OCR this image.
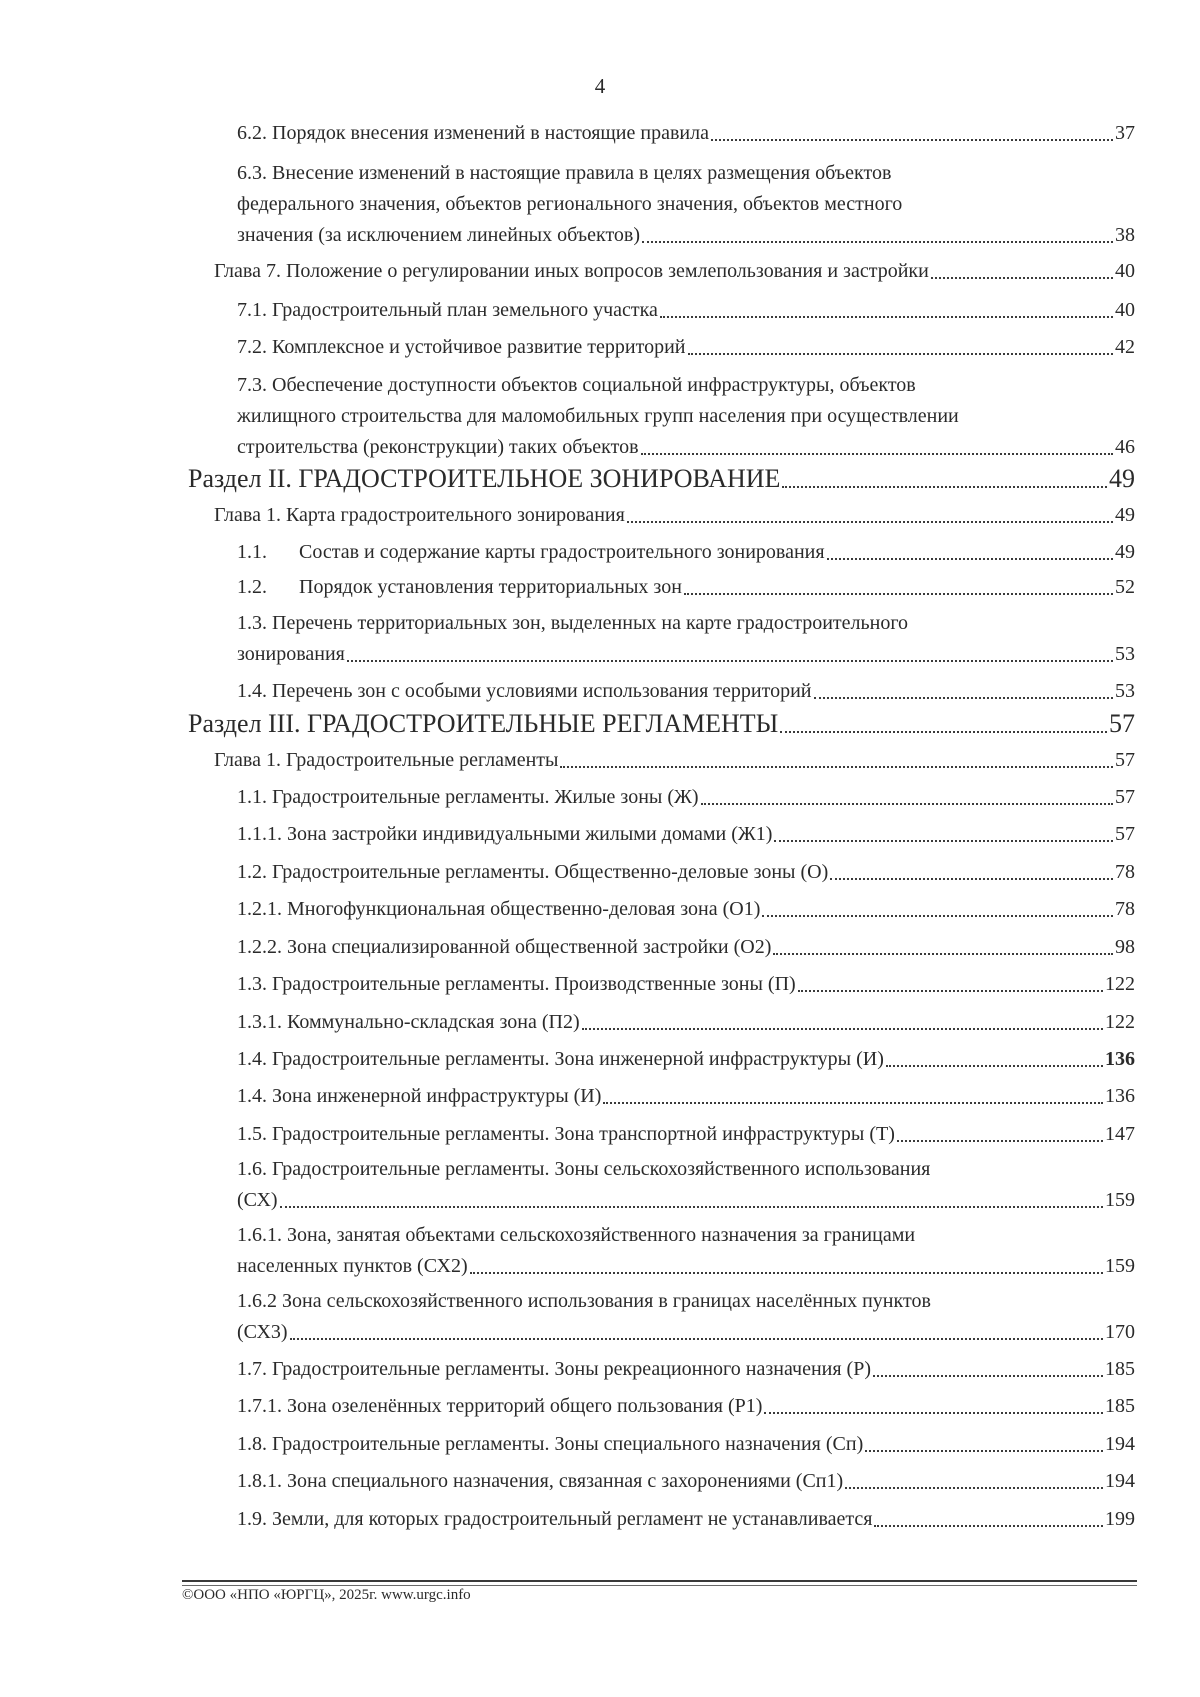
4
6.2. Порядок внесения изменений в настоящие правила	37
6.3. Внесение изменений в настоящие правила в целях размещения объектов
федерального значения, объектов регионального значения, объектов местного
значения (за исключением линейных объектов)	38
Глава 7. Положение о регулировании иных вопросов землепользования и застройки	40
7.1. Градостроительный план земельного участка	40
7.2. Комплексное и устойчивое развитие территорий	42
7.3. Обеспечение доступности объектов социальной инфраструктуры, объектов
жилищного строительства для маломобильных групп населения при осуществлении
строительства (реконструкции) таких объектов	46
Раздел II. ГРАДОСТРОИТЕЛЬНОЕ ЗОНИРОВАНИЕ	49
Глава 1. Карта градостроительного зонирования	49
1.1.	Состав и содержание карты градостроительного зонирования	49
1.2.	Порядок установления территориальных зон	52
1.3. Перечень территориальных зон, выделенных на карте градостроительного
зонирования	53
1.4. Перечень зон с особыми условиями использования территорий	53
Раздел III. ГРАДОСТРОИТЕЛЬНЫЕ РЕГЛАМЕНТЫ	57
Глава 1. Градостроительные регламенты	57
1.1. Градостроительные регламенты. Жилые зоны (Ж)	57
1.1.1. Зона застройки индивидуальными жилыми домами (Ж1)	57
1.2. Градостроительные регламенты. Общественно-деловые зоны (О)	78
1.2.1. Многофункциональная общественно-деловая зона (О1)	78
1.2.2. Зона специализированной общественной застройки (О2)	98
1.3. Градостроительные регламенты. Производственные зоны (П)	122
1.3.1. Коммунально-складская зона (П2)	122
1.4. Градостроительные регламенты. Зона инженерной инфраструктуры (И)	136
1.4. Зона инженерной инфраструктуры (И)	136
1.5. Градостроительные регламенты. Зона транспортной инфраструктуры (Т)	147
1.6. Градостроительные регламенты. Зоны сельскохозяйственного использования
(СХ)	159
1.6.1. Зона, занятая объектами сельскохозяйственного назначения за границами
населенных пунктов (СХ2)	159
1.6.2 Зона сельскохозяйственного использования в границах населённых пунктов
(СХ3)	170
1.7. Градостроительные регламенты. Зоны рекреационного назначения (Р)	185
1.7.1. Зона озеленённых территорий общего пользования (Р1)	185
1.8. Градостроительные регламенты. Зоны специального назначения (Сп)	194
1.8.1. Зона специального назначения, связанная с захоронениями (Сп1)	194
1.9. Земли, для которых градостроительный регламент не устанавливается	199
©ООО «НПО «ЮРГЦ», 2025г. www.urgc.info
